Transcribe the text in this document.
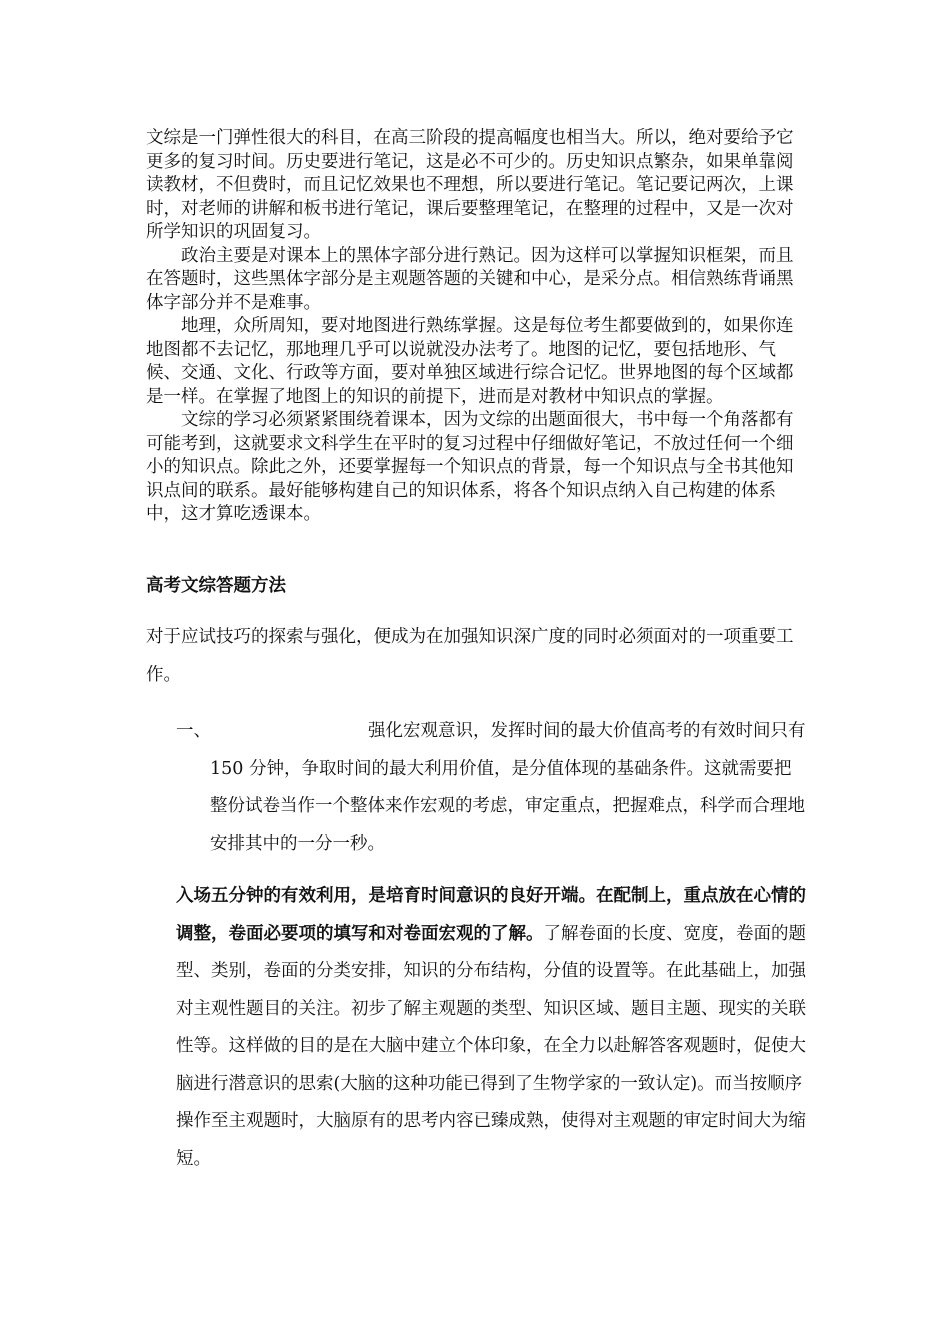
文综是一门弹性很大的科目，在高三阶段的提高幅度也相当大。所以，绝对要给予它更多的复习时间。历史要进行笔记，这是必不可少的。历史知识点繁杂，如果单靠阅读教材，不但费时，而且记忆效果也不理想，所以要进行笔记。笔记要记两次，上课时，对老师的讲解和板书进行笔记，课后要整理笔记，在整理的过程中，又是一次对所学知识的巩固复习。

政治主要是对课本上的黑体字部分进行熟记。因为这样可以掌握知识框架，而且在答题时，这些黑体字部分是主观题答题的关键和中心，是采分点。相信熟练背诵黑体字部分并不是难事。

地理，众所周知，要对地图进行熟练掌握。这是每位考生都要做到的，如果你连地图都不去记忆，那地理几乎可以说就没办法考了。地图的记忆，要包括地形、气候、交通、文化、行政等方面，要对单独区域进行综合记忆。世界地图的每个区域都是一样。在掌握了地图上的知识的前提下，进而是对教材中知识点的掌握。

文综的学习必须紧紧围绕着课本，因为文综的出题面很大，书中每一个角落都有可能考到，这就要求文科学生在平时的复习过程中仔细做好笔记，不放过任何一个细小的知识点。除此之外，还要掌握每一个知识点的背景，每一个知识点与全书其他知识点间的联系。最好能够构建自己的知识体系，将各个知识点纳入自己构建的体系中，这才算吃透课本。

高考文综答题方法

对于应试技巧的探索与强化，便成为在加强知识深广度的同时必须面对的一项重要工作。

一、	强化宏观意识，发挥时间的最大价值高考的有效时间只有 150 分钟，争取时间的最大利用价值，是分值体现的基础条件。这就需要把整份试卷当作一个整体来作宏观的考虑，审定重点，把握难点，科学而合理地安排其中的一分一秒。
入场五分钟的有效利用，是培育时间意识的良好开端。在配制上，重点放在心情的调整，卷面必要项的填写和对卷面宏观的了解。了解卷面的长度、宽度，卷面的题型、类别，卷面的分类安排，知识的分布结构，分值的设置等。在此基础上，加强对主观性题目的关注。初步了解主观题的类型、知识区域、题目主题、现实的关联性等。这样做的目的是在大脑中建立个体印象，在全力以赴解答客观题时，促使大脑进行潜意识的思索(大脑的这种功能已得到了生物学家的一致认定)。而当按顺序操作至主观题时，大脑原有的思考内容已臻成熟，使得对主观题的审定时间大为缩短。
